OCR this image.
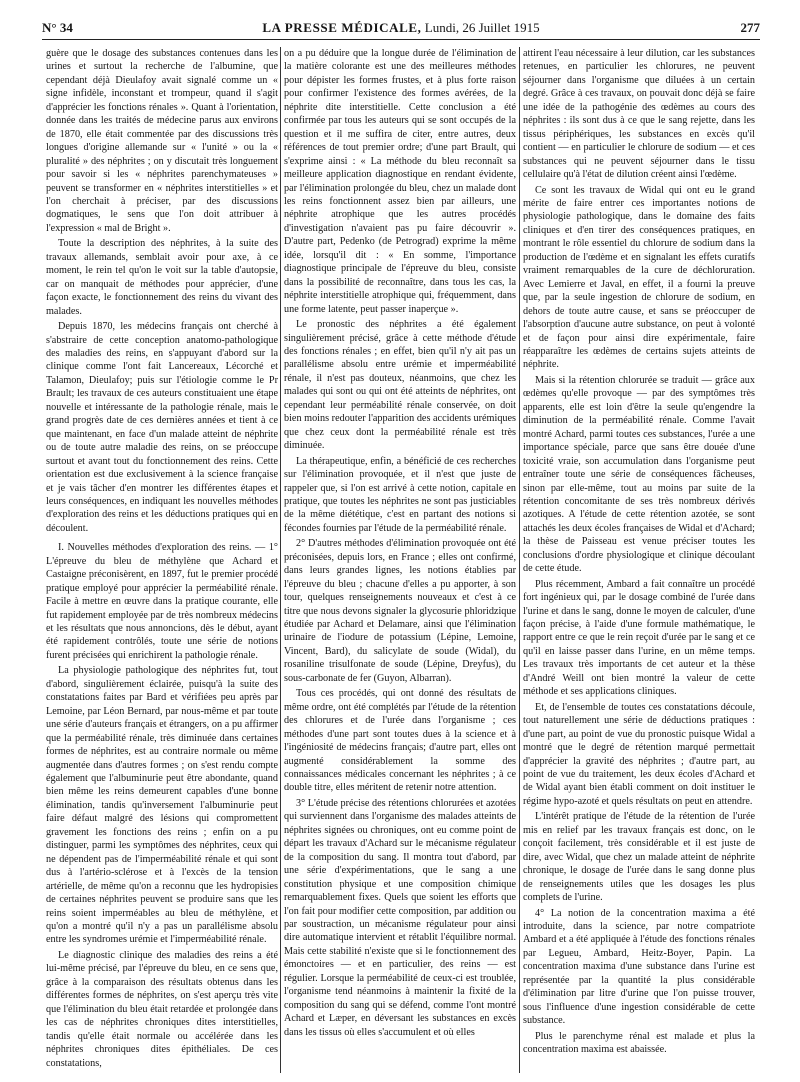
N° 34	LA PRESSE MÉDICALE, Lundi, 26 Juillet 1915	277

guère que le dosage des substances contenues dans les urines et surtout la recherche de l'albumine, que cependant déjà Dieulafoy avait signalé comme un « signe infidèle, inconstant et trompeur, quand il s'agit d'apprécier les fonctions rénales ». Quant à l'orientation, donnée dans les traités de médecine parus aux environs de 1870, elle était commentée par des discussions très longues d'origine allemande sur « l'unité » ou la « pluralité » des néphrites ; on y discutait très longuement pour savoir si les « néphrites parenchymateuses » peuvent se transformer en « néphrites interstitielles » et l'on cherchait à préciser, par des discussions dogmatiques, le sens que l'on doit attribuer à l'expression « mal de Bright ».

Toute la description des néphrites, à la suite des travaux allemands, semblait avoir pour axe, à ce moment, le rein tel qu'on le voit sur la table d'autopsie, car on manquait de méthodes pour apprécier, d'une façon exacte, le fonctionnement des reins du vivant des malades.

Depuis 1870, les médecins français ont cherché à s'abstraire de cette conception anatomo-pathologique des maladies des reins, en s'appuyant d'abord sur la clinique comme l'ont fait Lancereaux, Lécorché et Talamon, Dieulafoy; puis sur l'étiologie comme le Pr Brault; les travaux de ces auteurs constituaient une étape nouvelle et intéressante de la pathologie rénale, mais le grand progrès date de ces dernières années et tient à ce que maintenant, en face d'un malade atteint de néphrite ou de toute autre maladie des reins, on se préoccupe surtout et avant tout du fonctionnement des reins. Cette orientation est due exclusivement à la science française et je vais tâcher d'en montrer les différentes étapes et leurs conséquences, en indiquant les nouvelles méthodes d'exploration des reins et les déductions pratiques qui en découlent.

I. Nouvelles méthodes d'exploration des reins. — 1° L'épreuve du bleu de méthylène que Achard et Castaigne préconisèrent, en 1897, fut le premier procédé pratique employé pour apprécier la perméabilité rénale. Facile à mettre en œuvre dans la pratique courante, elle fut rapidement employée par de très nombreux médecins et les résultats que nous annoncions, dès le début, ayant été rapidement contrôlés, toute une série de notions furent précisées qui enrichirent la pathologie rénale.

La physiologie pathologique des néphrites fut, tout d'abord, singulièrement éclairée, puisqu'à la suite des constatations faites par Bard et vérifiées peu après par Lemoine, par Léon Bernard, par nous-même et par toute une série d'auteurs français et étrangers, on a pu affirmer que la perméabilité rénale, très diminuée dans certaines formes de néphrites, est au contraire normale ou même augmentée dans d'autres formes ; on s'est rendu compte également que l'albuminurie peut être abondante, quand bien même les reins demeurent capables d'une bonne élimination, tandis qu'inversement l'albuminurie peut faire défaut malgré des lésions qui compromettent gravement les fonctions des reins ; enfin on a pu distinguer, parmi les symptômes des néphrites, ceux qui ne dépendent pas de l'imperméabilité rénale et qui sont dus à l'artério-sclérose et à l'excès de la tension artérielle, de même qu'on a reconnu que les hydropisies de certaines néphrites peuvent se produire sans que les reins soient imperméables au bleu de méthylène, et qu'on a montré qu'il n'y a pas un parallélisme absolu entre les syndromes urémie et l'imperméabilité rénale.

Le diagnostic clinique des maladies des reins a été lui-même précisé, par l'épreuve du bleu, en ce sens que, grâce à la comparaison des résultats obtenus dans les différentes formes de néphrites, on s'est aperçu très vite que l'élimination du bleu était retardée et prolongée dans les cas de néphrites chroniques dites interstitielles, tandis qu'elle était normale ou accélérée dans les néphrites chroniques dites épithéliales. De ces constatations,

on a pu déduire que la longue durée de l'élimination de la matière colorante est une des meilleures méthodes pour dépister les formes frustes, et à plus forte raison pour confirmer l'existence des formes avérées, de la néphrite dite interstitielle. Cette conclusion a été confirmée par tous les auteurs qui se sont occupés de la question et il me suffira de citer, entre autres, deux références de tout premier ordre; d'une part Brault, qui s'exprime ainsi : « La méthode du bleu reconnaît sa meilleure application diagnostique en rendant évidente, par l'élimination prolongée du bleu, chez un malade dont les reins fonctionnent assez bien par ailleurs, une néphrite atrophique que les autres procédés d'investigation n'avaient pas pu faire découvrir ». D'autre part, Pedenko (de Petrograd) exprime la même idée, lorsqu'il dit : « En somme, l'importance diagnostique principale de l'épreuve du bleu, consiste dans la possibilité de reconnaître, dans tous les cas, la néphrite interstitielle atrophique qui, fréquemment, dans une forme latente, peut passer inaperçue ».

Le pronostic des néphrites a été également singulièrement précisé, grâce à cette méthode d'étude des fonctions rénales ; en effet, bien qu'il n'y ait pas un parallélisme absolu entre urémie et imperméabilité rénale, il n'est pas douteux, néanmoins, que chez les malades qui sont ou qui ont été atteints de néphrites, ont cependant leur perméabilité rénale conservée, on doit bien moins redouter l'apparition des accidents urémiques que chez ceux dont la perméabilité rénale est très diminuée.

La thérapeutique, enfin, a bénéficié de ces recherches sur l'élimination provoquée, et il n'est que juste de rappeler que, si l'on est arrivé à cette notion, capitale en pratique, que toutes les néphrites ne sont pas justiciables de la même diététique, c'est en partant des notions si fécondes fournies par l'étude de la perméabilité rénale.

2° D'autres méthodes d'élimination provoquée ont été préconisées, depuis lors, en France ; elles ont confirmé, dans leurs grandes lignes, les notions établies par l'épreuve du bleu ; chacune d'elles a pu apporter, à son tour, quelques renseignements nouveaux et c'est à ce titre que nous devons signaler la glycosurie phloridzique étudiée par Achard et Delamare, ainsi que l'élimination urinaire de l'iodure de potassium (Lépine, Lemoine, Vincent, Bard), du salicylate de soude (Widal), du rosaniline trisulfonate de soude (Lépine, Dreyfus), du sous-carbonate de fer (Guyon, Albarran).

Tous ces procédés, qui ont donné des résultats de même ordre, ont été complétés par l'étude de la rétention des chlorures et de l'urée dans l'organisme ; ces méthodes d'une part sont toutes dues à la science et à l'ingéniosité de médecins français; d'autre part, elles ont augmenté considérablement la somme des connaissances médicales concernant les néphrites ; à ce double titre, elles méritent de retenir notre attention.

3° L'étude précise des rétentions chlorurées et azotées qui surviennent dans l'organisme des malades atteints de néphrites signées ou chroniques, ont eu comme point de départ les travaux d'Achard sur le mécanisme régulateur de la composition du sang. Il montra tout d'abord, par une série d'expérimentations, que le sang a une constitution physique et une composition chimique remarquablement fixes. Quels que soient les efforts que l'on fait pour modifier cette composition, par addition ou par soustraction, un mécanisme régulateur pour ainsi dire automatique intervient et rétablit l'équilibre normal. Mais cette stabilité n'existe que si le fonctionnement des émonctoires — et en particulier, des reins — est régulier. Lorsque la perméabilité de ceux-ci est troublée, l'organisme tend néanmoins à maintenir la fixité de la composition du sang qui se défend, comme l'ont montré Achard et Læper, en déversant les substances en excès dans les tissus où elles s'accumulent et où elles

attirent l'eau nécessaire à leur dilution, car les substances retenues, en particulier les chlorures, ne peuvent séjourner dans l'organisme que diluées à un certain degré. Grâce à ces travaux, on pouvait donc déjà se faire une idée de la pathogénie des œdèmes au cours des néphrites : ils sont dus à ce que le sang rejette, dans les tissus périphériques, les substances en excès qu'il contient — en particulier le chlorure de sodium — et ces substances qui ne peuvent séjourner dans le tissu cellulaire qu'à l'état de dilution créent ainsi l'œdème.

Ce sont les travaux de Widal qui ont eu le grand mérite de faire entrer ces importantes notions de physiologie pathologique, dans le domaine des faits cliniques et d'en tirer des conséquences pratiques, en montrant le rôle essentiel du chlorure de sodium dans la production de l'œdème et en signalant les effets curatifs vraiment remarquables de la cure de déchloruration. Avec Lemierre et Javal, en effet, il a fourni la preuve que, par la seule ingestion de chlorure de sodium, en dehors de toute autre cause, et sans se préoccuper de l'absorption d'aucune autre substance, on peut à volonté et de façon pour ainsi dire expérimentale, faire réapparaître les œdèmes de certains sujets atteints de néphrite.

Mais si la rétention chlorurée se traduit — grâce aux œdèmes qu'elle provoque — par des symptômes très apparents, elle est loin d'être la seule qu'engendre la diminution de la perméabilité rénale. Comme l'avait montré Achard, parmi toutes ces substances, l'urée a une importance spéciale, parce que sans être douée d'une toxicité vraie, son accumulation dans l'organisme peut entraîner toute une série de conséquences fâcheuses, sinon par elle-même, tout au moins par suite de la rétention concomitante de ses très nombreux dérivés azotiques. A l'étude de cette rétention azotée, se sont attachés les deux écoles françaises de Widal et d'Achard; la thèse de Paisseau est venue préciser toutes les conclusions d'ordre physiologique et clinique découlant de cette étude.

Plus récemment, Ambard a fait connaître un procédé fort ingénieux qui, par le dosage combiné de l'urée dans l'urine et dans le sang, donne le moyen de calculer, d'une façon précise, à l'aide d'une formule mathématique, le rapport entre ce que le rein reçoit d'urée par le sang et ce qu'il en laisse passer dans l'urine, en un même temps. Les travaux très importants de cet auteur et la thèse d'André Weill ont bien montré la valeur de cette méthode et ses applications cliniques.

Et, de l'ensemble de toutes ces constatations découle, tout naturellement une série de déductions pratiques : d'une part, au point de vue du pronostic puisque Widal a montré que le degré de rétention marqué permettait d'apprécier la gravité des néphrites ; d'autre part, au point de vue du traitement, les deux écoles d'Achard et de Widal ayant bien établi comment on doit instituer le régime hypo-azoté et quels résultats on peut en attendre.

L'intérêt pratique de l'étude de la rétention de l'urée mis en relief par les travaux français est donc, on le conçoit facilement, très considérable et il est juste de dire, avec Widal, que chez un malade atteint de néphrite chronique, le dosage de l'urée dans le sang donne plus de renseignements utiles que les dosages les plus complets de l'urine.

4° La notion de la concentration maxima a été introduite, dans la science, par notre compatriote Ambard et a été appliquée à l'étude des fonctions rénales par Legueu, Ambard, Heitz-Boyer, Papin. La concentration maxima d'une substance dans l'urine est représentée par la quantité la plus considérable d'élimination par litre d'urine que l'on puisse trouver, sous l'influence d'une ingestion considérable de cette substance.

Plus le parenchyme rénal est malade et plus la concentration maxima est abaissée.
